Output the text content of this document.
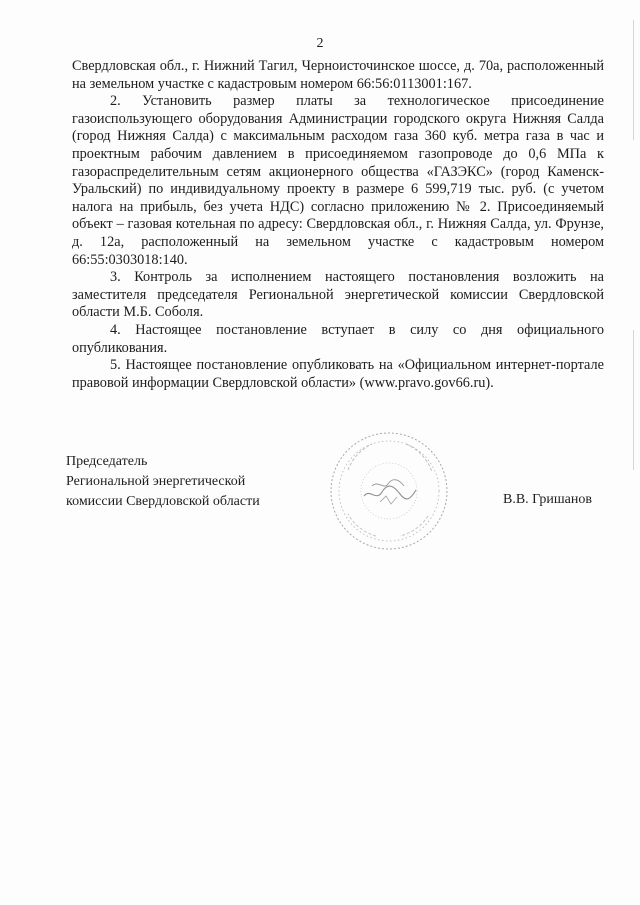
2

Свердловская обл., г. Нижний Тагил, Черноисточинское шоссе, д. 70а, расположенный на земельном участке с кадастровым номером 66:56:0113001:167.

2. Установить размер платы за технологическое присоединение газоиспользующего оборудования Администрации городского округа Нижняя Салда (город Нижняя Салда) с максимальным расходом газа 360 куб. метра газа в час и проектным рабочим давлением в присоединяемом газопроводе до 0,6 МПа к газораспределительным сетям акционерного общества «ГАЗЭКС» (город Каменск-Уральский) по индивидуальному проекту в размере 6 599,719 тыс. руб. (с учетом налога на прибыль, без учета НДС) согласно приложению № 2. Присоединяемый объект – газовая котельная по адресу: Свердловская обл., г. Нижняя Салда, ул. Фрунзе, д. 12а, расположенный на земельном участке с кадастровым номером 66:55:0303018:140.

3. Контроль за исполнением настоящего постановления возложить на заместителя председателя Региональной энергетической комиссии Свердловской области М.Б. Соболя.

4. Настоящее постановление вступает в силу со дня официального опубликования.

5. Настоящее постановление опубликовать на «Официальном интернет-портале правовой информации Свердловской области» (www.pravo.gov66.ru).

Председатель
Региональной энергетической
комиссии Свердловской области	В.В. Гришанов
